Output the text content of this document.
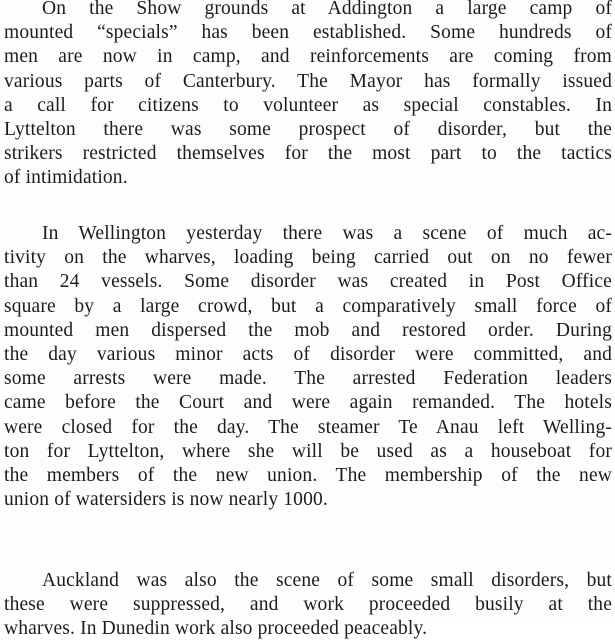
On the Show grounds at Addington a large camp of
mounted “specials” has been established. Some hundreds of
men are now in camp, and reinforcements are coming from
various parts of Canterbury. The Mayor has formally issued
a call for citizens to volunteer as special constables. In
Lyttelton there was some prospect of disorder, but the
strikers restricted themselves for the most part to the tactics
of intimidation.
In Wellington yesterday there was a scene of much ac-
tivity on the wharves, loading being carried out on no fewer
than 24 vessels. Some disorder was created in Post Office
square by a large crowd, but a comparatively small force of
mounted men dispersed the mob and restored order. During
the day various minor acts of disorder were committed, and
some arrests were made. The arrested Federation leaders
came before the Court and were again remanded. The hotels
were closed for the day. The steamer Te Anau left Welling-
ton for Lyttelton, where she will be used as a houseboat for
the members of the new union. The membership of the new
union of watersiders is now nearly 1000.
Auckland was also the scene of some small disorders, but
these were suppressed, and work proceeded busily at the
wharves. In Dunedin work also proceeded peaceably.
